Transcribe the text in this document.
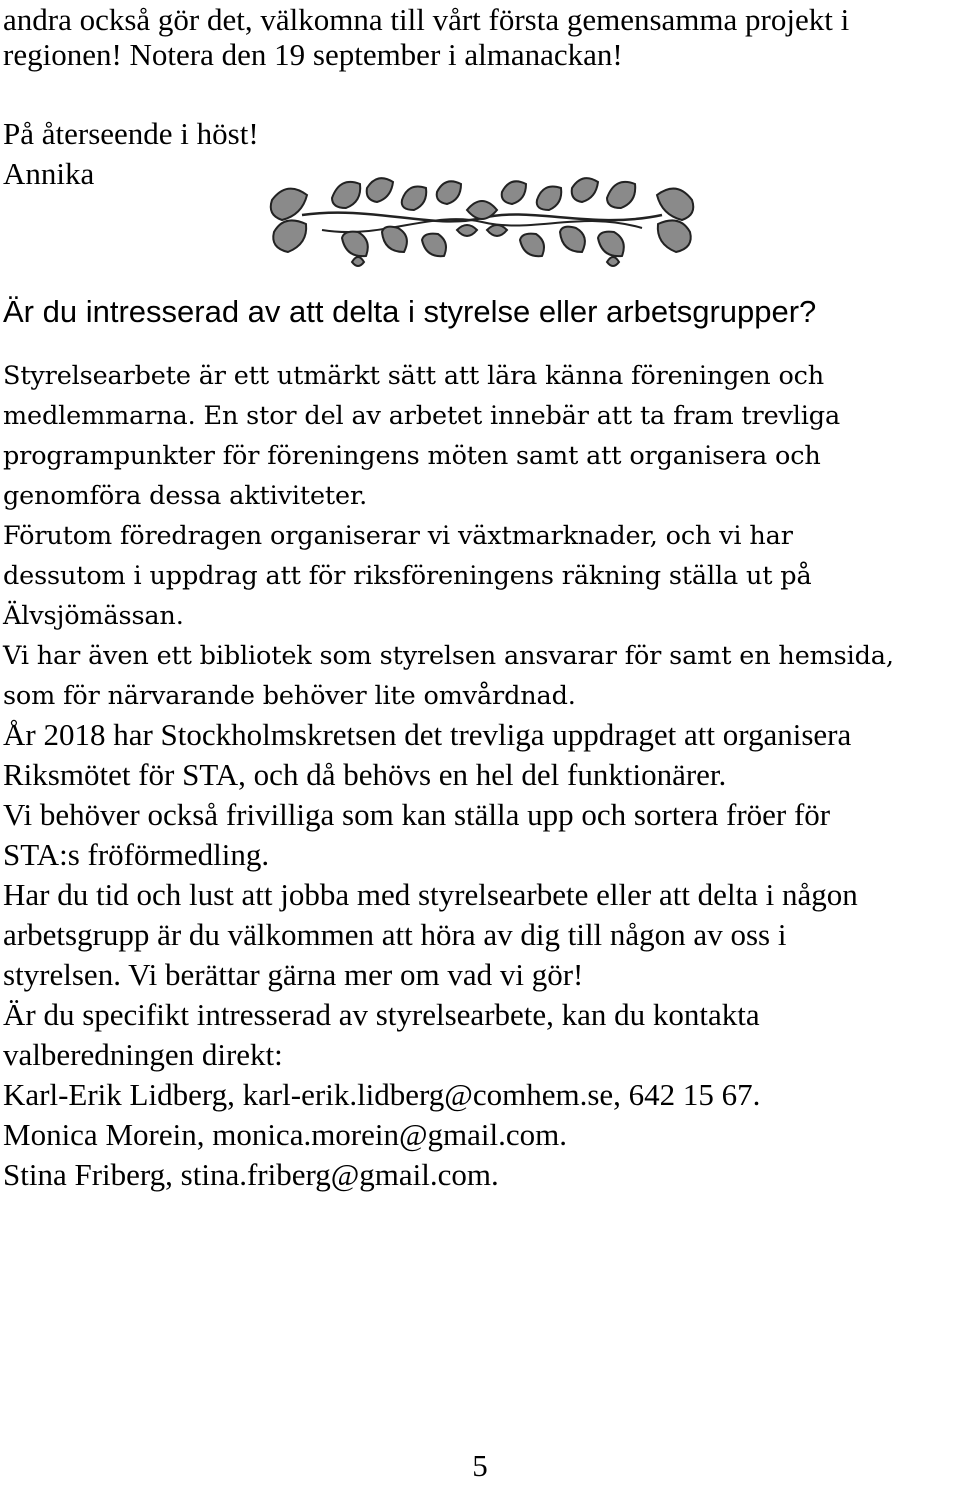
andra också gör det, välkomna till vårt första gemensamma projekt i

regionen! Notera den 19 september i almanackan!

På återseende i höst!

Annika

Är du intresserad av att delta i styrelse eller arbetsgrupper?

Styrelsearbete är ett utmärkt sätt att lära känna föreningen och

medlemmarna. En stor del av arbetet innebär att ta fram trevliga

programpunkter för föreningens möten samt att organisera och

genomföra dessa aktiviteter.

Förutom föredragen organiserar vi växtmarknader, och vi har

dessutom i uppdrag att för riksföreningens räkning ställa ut på

Älvsjömässan.

Vi har även ett bibliotek som styrelsen ansvarar för samt en hemsida,

som för närvarande behöver lite omvårdnad.

År 2018 har Stockholmskretsen det trevliga uppdraget att organisera

Riksmötet för STA, och då behövs en hel del funktionärer.

Vi behöver också frivilliga som kan ställa upp och sortera fröer för

STA:s fröförmedling.

Har du tid och lust att jobba med styrelsearbete eller att delta i någon

arbetsgrupp är du välkommen att höra av dig till någon av oss i

styrelsen. Vi berättar gärna mer om vad vi gör!

Är du specifikt intresserad av styrelsearbete, kan du kontakta

valberedningen direkt:

Karl-Erik Lidberg, karl-erik.lidberg@comhem.se, 642 15 67.

Monica Morein, monica.morein@gmail.com.

Stina Friberg, stina.friberg@gmail.com.

5
